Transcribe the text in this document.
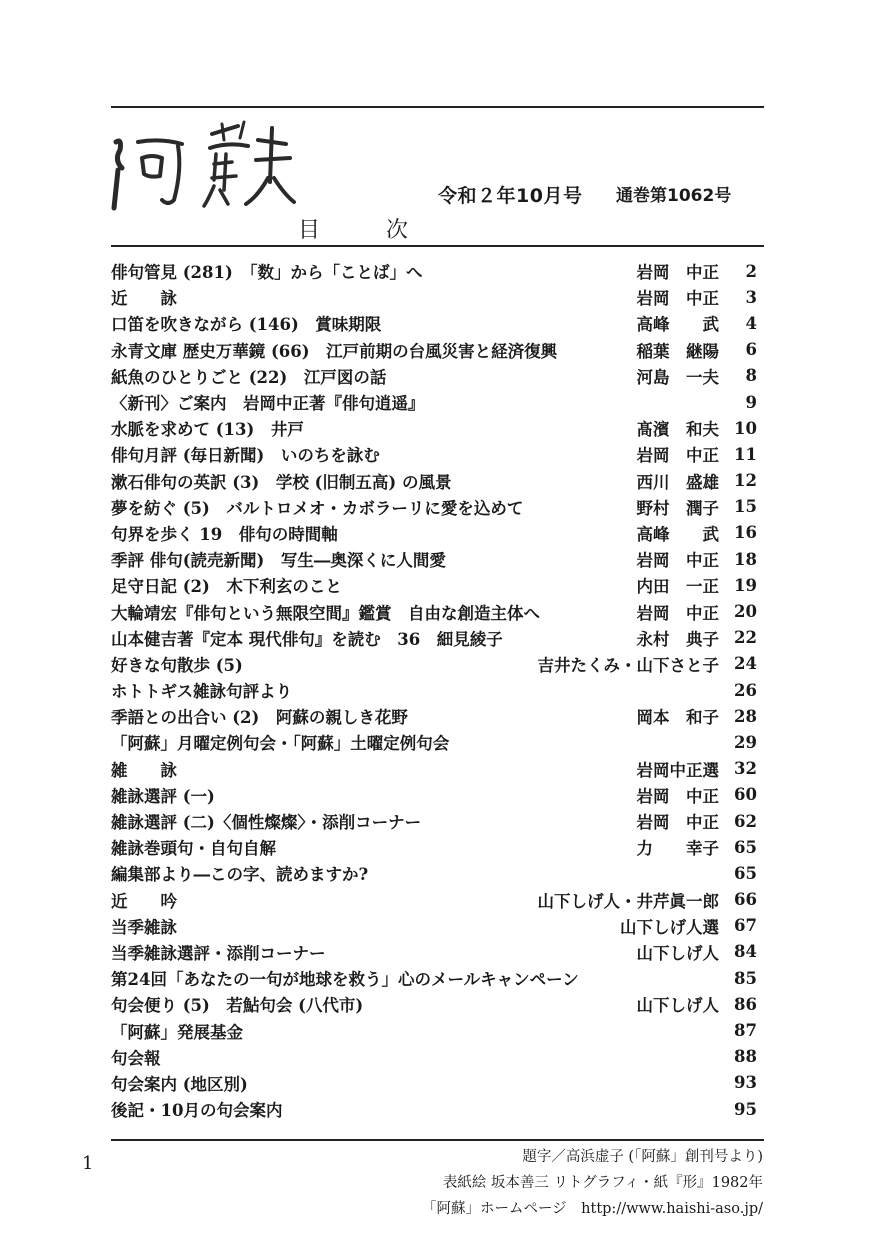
令和２年10月号 通巻第1062号
目　次
俳句管見 (281)　「数」から「ことば」へ	岩岡　中正	2
近　　詠	岩岡　中正	3
口笛を吹きながら (146)　賞味期限	高峰　　武	4
永青文庫 歴史万華鏡 (66)　江戸前期の台風災害と経済復興	稲葉　継陽	6
紙魚のひとりごと (22)　江戸図の話	河島　一夫	8
〈新刊〉ご案内　岩岡中正著『俳句逍遥』	9
水脈を求めて (13)　井戸	髙濱　和夫 10
俳句月評 (毎日新聞)　いのちを詠む	岩岡　中正 11
漱石俳句の英訳 (3)　学校 (旧制五高) の風景	西川　盛雄 12
夢を紡ぐ (5)　バルトロメオ・カボラーリに愛を込めて	野村　潤子 15
句界を歩く 19　俳句の時間軸	高峰　　武 16
季評 俳句(読売新聞)　写生―奥深くに人間愛	岩岡　中正 18
足守日記 (2)　木下利玄のこと	内田　一正 19
大輪靖宏『俳句という無限空間』鑑賞　自由な創造主体へ	岩岡　中正 20
山本健吉著『定本 現代俳句』を読む　36　細見綾子	永村　典子 22
好きな句散歩 (5)	吉井たくみ・山下さと子 24
ホトトギス雑詠句評より	26
季語との出合い (2)　阿蘇の親しき花野	岡本　和子 28
「阿蘇」月曜定例句会・「阿蘇」土曜定例句会	29
雑　　詠	岩岡中正選 32
雑詠選評 (一)	岩岡　中正 60
雑詠選評 (二)〈個性燦燦〉・添削コーナー	岩岡　中正 62
雑詠巻頭句・自句自解	力　　幸子 65
編集部より―この字、読めますか?	65
近　　吟	山下しげ人・井芹眞一郎 66
当季雑詠	山下しげ人選 67
当季雑詠選評・添削コーナー	山下しげ人 84
第24回「あなたの一句が地球を救う」心のメールキャンペーン	85
句会便り (5)　若鮎句会 (八代市)	山下しげ人 86
「阿蘇」発展基金	87
句会報	88
句会案内 (地区別)	93
後記・10月の句会案内	95
1	題字／高浜虚子 (「阿蘇」創刊号より)
表紙絵 坂本善三 リトグラフィ・紙『形』1982年
「阿蘇」ホームページ　http://www.haishi-aso.jp/
